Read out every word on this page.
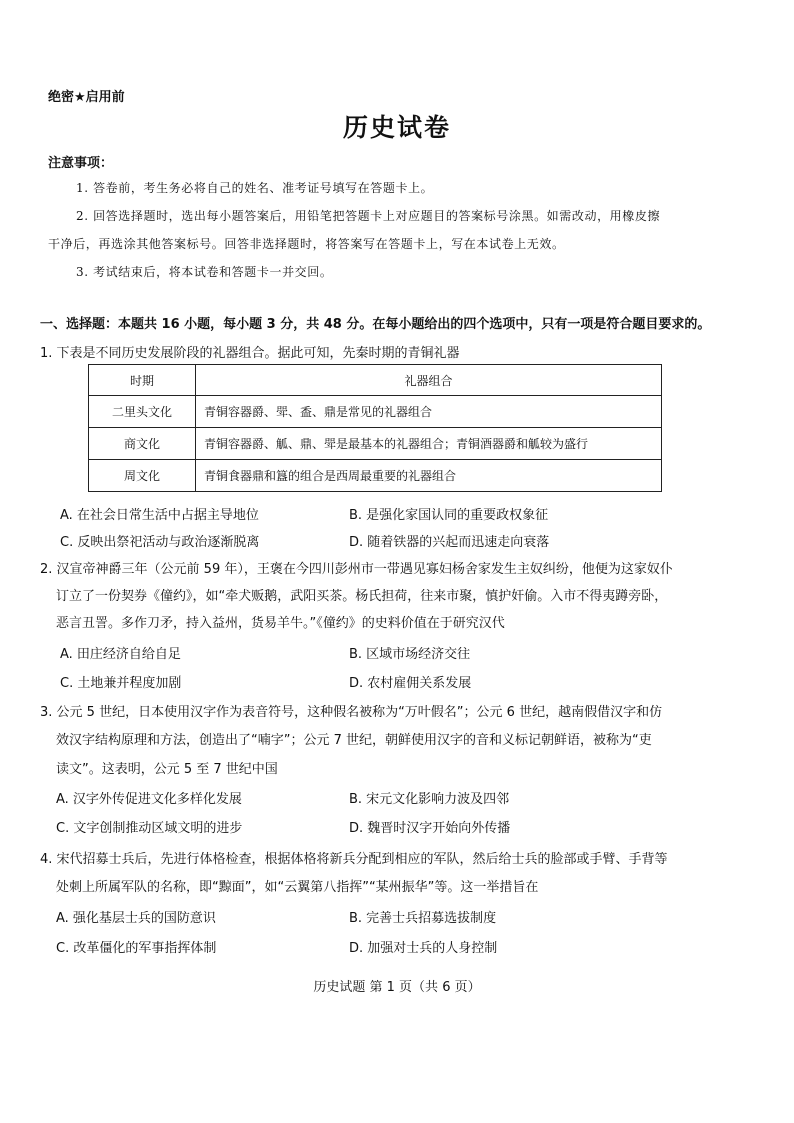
绝密★启用前
历史试卷
注意事项：
1. 答卷前，考生务必将自己的姓名、准考证号填写在答题卡上。
2. 回答选择题时，选出每小题答案后，用铅笔把答题卡上对应题目的答案标号涂黑。如需改动，用橡皮擦
干净后，再选涂其他答案标号。回答非选择题时，将答案写在答题卡上，写在本试卷上无效。
3. 考试结束后，将本试卷和答题卡一并交回。
一、选择题：本题共 16 小题，每小题 3 分，共 48 分。在每小题给出的四个选项中，只有一项是符合题目要求的。
1. 下表是不同历史发展阶段的礼器组合。据此可知，先秦时期的青铜礼器
时期	礼器组合
二里头文化	青铜容器爵、斝、盉、鼎是常见的礼器组合
商文化	青铜容器爵、觚、鼎、斝是最基本的礼器组合；青铜酒器爵和觚较为盛行
周文化	青铜食器鼎和簋的组合是西周最重要的礼器组合
A. 在社会日常生活中占据主导地位	B. 是强化家国认同的重要政权象征
C. 反映出祭祀活动与政治逐渐脱离	D. 随着铁器的兴起而迅速走向衰落
2. 汉宣帝神爵三年（公元前 59 年），王褒在今四川彭州市一带遇见寡妇杨舍家发生主奴纠纷，他便为这家奴仆
订立了一份契券《僮约》，如“牵犬贩鹅，武阳买茶。杨氏担荷，往来市聚，慎护奸偷。入市不得夷蹲旁卧，
恶言丑詈。多作刀矛，持入益州，货易羊牛。”《僮约》的史料价值在于研究汉代
A. 田庄经济自给自足	B. 区域市场经济交往
C. 土地兼并程度加剧	D. 农村雇佣关系发展
3. 公元 5 世纪，日本使用汉字作为表音符号，这种假名被称为“万叶假名”；公元 6 世纪，越南假借汉字和仿
效汉字结构原理和方法，创造出了“喃字”；公元 7 世纪，朝鲜使用汉字的音和义标记朝鲜语，被称为“吏
读文”。这表明，公元 5 至 7 世纪中国
A. 汉字外传促进文化多样化发展	B. 宋元文化影响力波及四邻
C. 文字创制推动区域文明的进步	D. 魏晋时汉字开始向外传播
4. 宋代招募士兵后，先进行体格检查，根据体格将新兵分配到相应的军队，然后给士兵的脸部或手臂、手背等
处刺上所属军队的名称，即“黥面”，如“云翼第八指挥”“某州振华”等。这一举措旨在
A. 强化基层士兵的国防意识	B. 完善士兵招募选拔制度
C. 改革僵化的军事指挥体制	D. 加强对士兵的人身控制
历史试题 第 1 页（共 6 页）
